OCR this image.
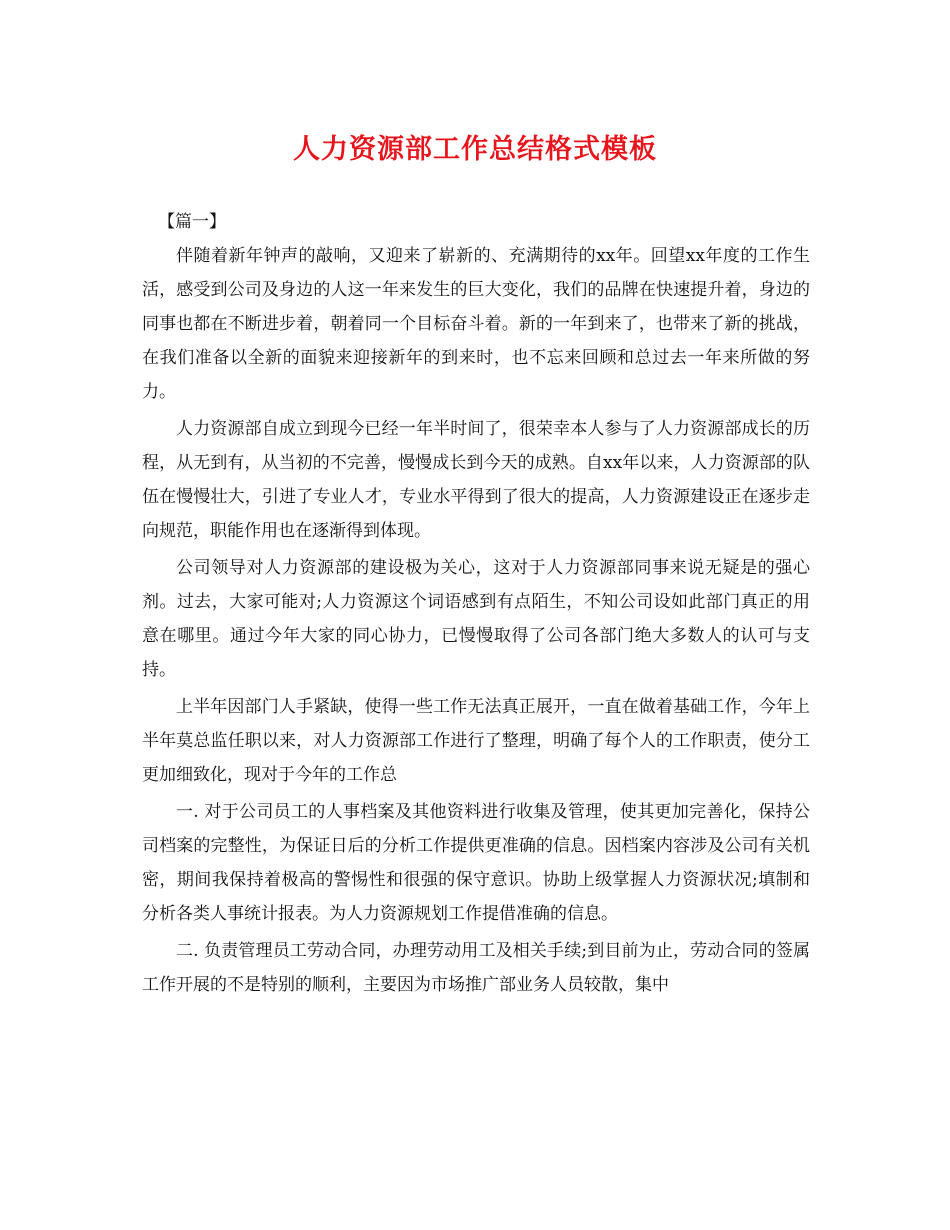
人力资源部工作总结格式模板

【篇一】

伴随着新年钟声的敲响，又迎来了崭新的、充满期待的xx年。回望xx年度的工作生活，感受到公司及身边的人这一年来发生的巨大变化，我们的品牌在快速提升着，身边的同事也都在不断进步着，朝着同一个目标奋斗着。新的一年到来了，也带来了新的挑战，在我们准备以全新的面貌来迎接新年的到来时，也不忘来回顾和总过去一年来所做的努力。

人力资源部自成立到现今已经一年半时间了，很荣幸本人参与了人力资源部成长的历程，从无到有，从当初的不完善，慢慢成长到今天的成熟。自xx年以来，人力资源部的队伍在慢慢壮大，引进了专业人才，专业水平得到了很大的提高，人力资源建设正在逐步走向规范，职能作用也在逐渐得到体现。

公司领导对人力资源部的建设极为关心，这对于人力资源部同事来说无疑是的强心剂。过去，大家可能对;人力资源这个词语感到有点陌生，不知公司设如此部门真正的用意在哪里。通过今年大家的同心协力，已慢慢取得了公司各部门绝大多数人的认可与支持。

上半年因部门人手紧缺，使得一些工作无法真正展开，一直在做着基础工作，今年上半年莫总监任职以来，对人力资源部工作进行了整理，明确了每个人的工作职责，使分工更加细致化，现对于今年的工作总

一. 对于公司员工的人事档案及其他资料进行收集及管理，使其更加完善化，保持公司档案的完整性，为保证日后的分析工作提供更准确的信息。因档案内容涉及公司有关机密，期间我保持着极高的警惕性和很强的保守意识。协助上级掌握人力资源状况;填制和分析各类人事统计报表。为人力资源规划工作提借准确的信息。

二. 负责管理员工劳动合同，办理劳动用工及相关手续;到目前为止，劳动合同的签属工作开展的不是特别的顺利，主要因为市场推广部业务人员较散，集中
